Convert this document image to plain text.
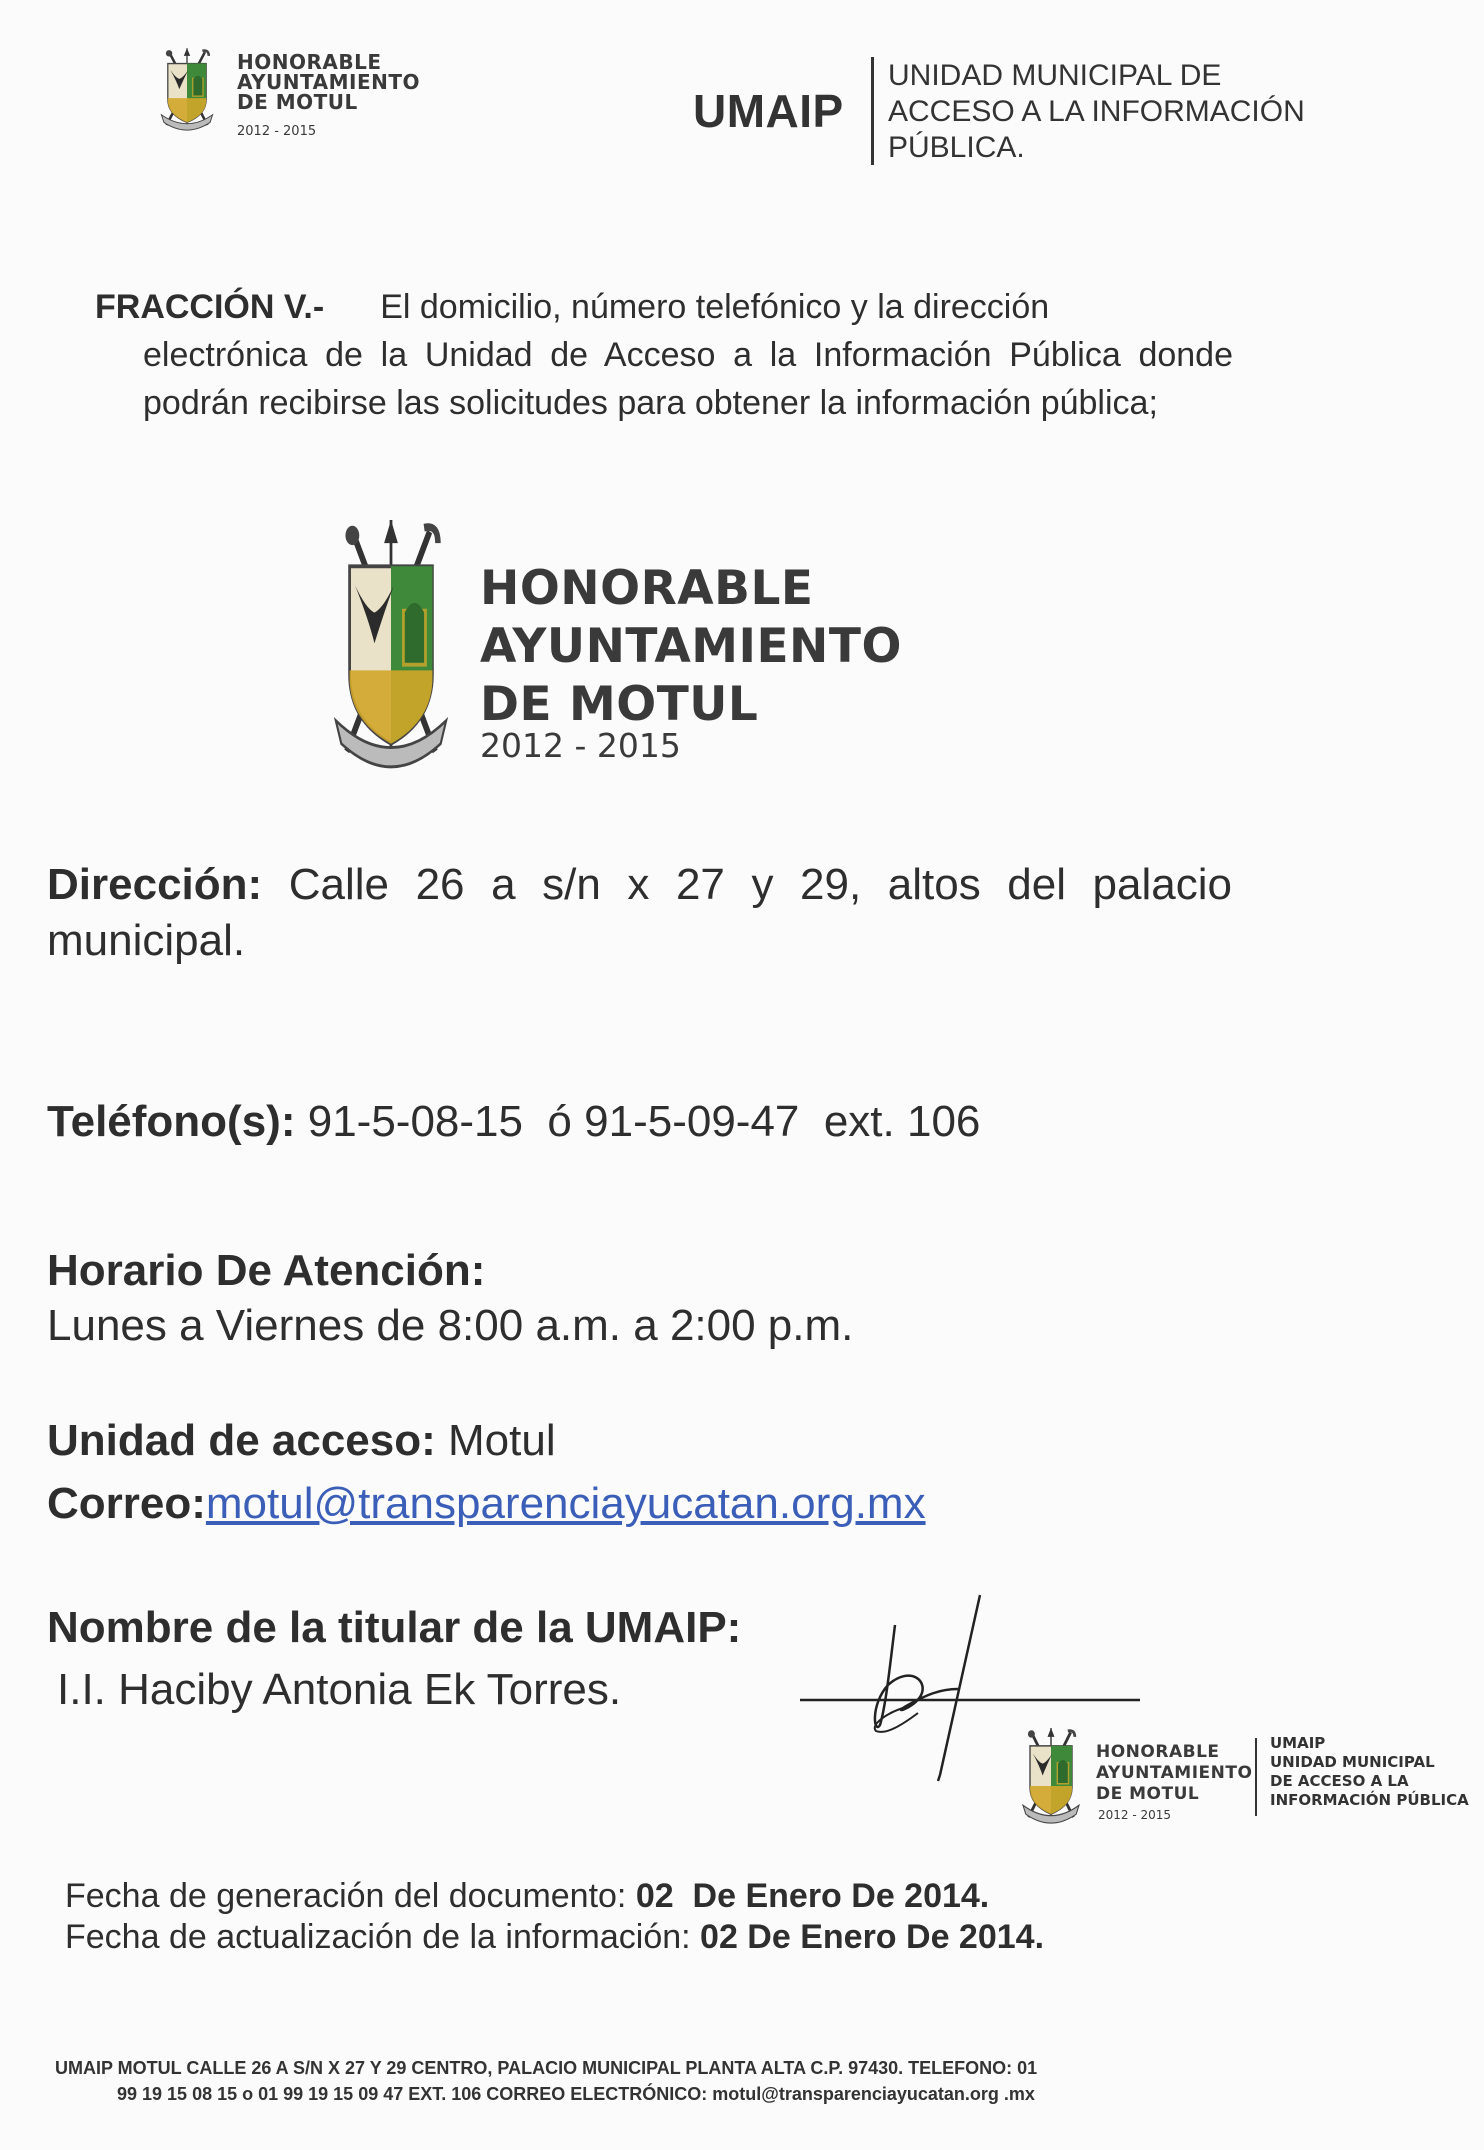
HONORABLE
AYUNTAMIENTO
DE MOTUL
2012 - 2015	UMAIP
UNIDAD MUNICIPAL DE
ACCESO A LA INFORMACIÓN
PÚBLICA.
FRACCIÓN V.- El domicilio, número telefónico y la dirección
electrónica de la Unidad de Acceso a la Información Pública donde podrán recibirse las solicitudes para obtener la información pública;
HONORABLE
AYUNTAMIENTO
DE MOTUL
2012 - 2015
Dirección: Calle 26 a s/n x 27 y 29, altos del palacio municipal.
Teléfono(s): 91-5-08-15  ó 91-5-09-47  ext. 106
Horario De Atención:
Lunes a Viernes de 8:00 a.m. a 2:00 p.m.
Unidad de acceso: Motul
Correo:motul@transparenciayucatan.org.mx
Nombre de la titular de la UMAIP:
I.I. Haciby Antonia Ek Torres.
HONORABLE
AYUNTAMIENTO
DE MOTUL
2012 - 2015
UMAIP
UNIDAD MUNICIPAL
DE ACCESO A LA
INFORMACIÓN PÚBLICA
Fecha de generación del documento: 02  De Enero De 2014.
Fecha de actualización de la información: 02 De Enero De 2014.
UMAIP MOTUL CALLE 26 A S/N X 27 Y 29 CENTRO, PALACIO MUNICIPAL PLANTA ALTA C.P. 97430. TELEFONO: 01
99 19 15 08 15 o 01 99 19 15 09 47 EXT. 106 CORREO ELECTRÓNICO: motul@transparenciayucatan.org .mx
